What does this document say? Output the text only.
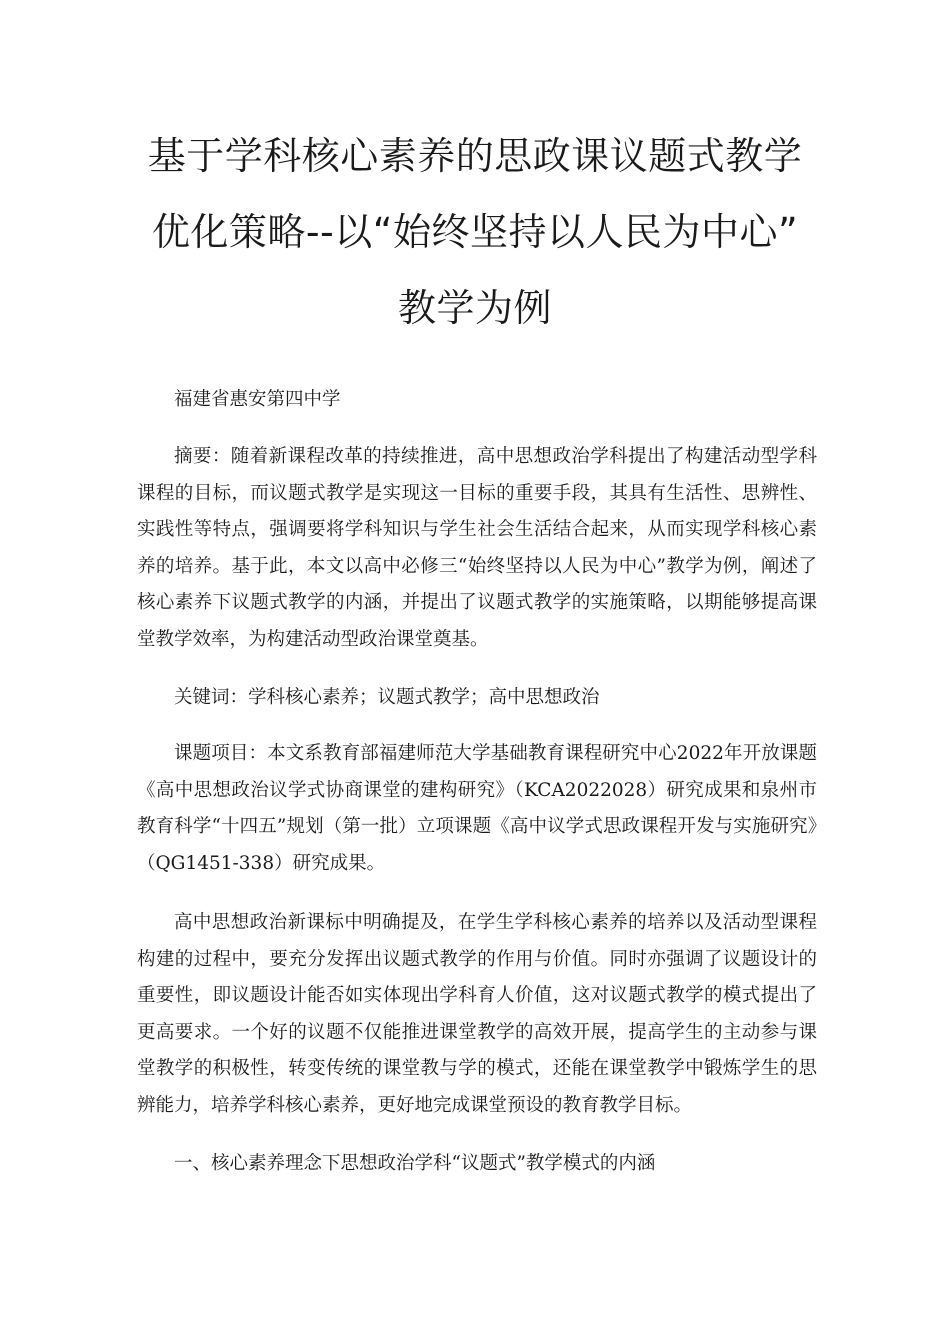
基于学科核心素养的思政课议题式教学
优化策略--以“始终坚持以人民为中心”
教学为例

福建省惠安第四中学

摘要：随着新课程改革的持续推进，高中思想政治学科提出了构建活动型学科课程的目标，而议题式教学是实现这一目标的重要手段，其具有生活性、思辨性、实践性等特点，强调要将学科知识与学生社会生活结合起来，从而实现学科核心素养的培养。基于此，本文以高中必修三“始终坚持以人民为中心”教学为例，阐述了核心素养下议题式教学的内涵，并提出了议题式教学的实施策略，以期能够提高课堂教学效率，为构建活动型政治课堂奠基。

关键词：学科核心素养；议题式教学；高中思想政治

课题项目：本文系教育部福建师范大学基础教育课程研究中心2022年开放课题《高中思想政治议学式协商课堂的建构研究》（KCA2022028）研究成果和泉州市教育科学“十四五”规划（第一批）立项课题《高中议学式思政课程开发与实施研究》（QG1451-338）研究成果。

高中思想政治新课标中明确提及，在学生学科核心素养的培养以及活动型课程构建的过程中，要充分发挥出议题式教学的作用与价值。同时亦强调了议题设计的重要性，即议题设计能否如实体现出学科育人价值，这对议题式教学的模式提出了更高要求。一个好的议题不仅能推进课堂教学的高效开展，提高学生的主动参与课堂教学的积极性，转变传统的课堂教与学的模式，还能在课堂教学中锻炼学生的思辨能力，培养学科核心素养，更好地完成课堂预设的教育教学目标。

一、核心素养理念下思想政治学科“议题式”教学模式的内涵
